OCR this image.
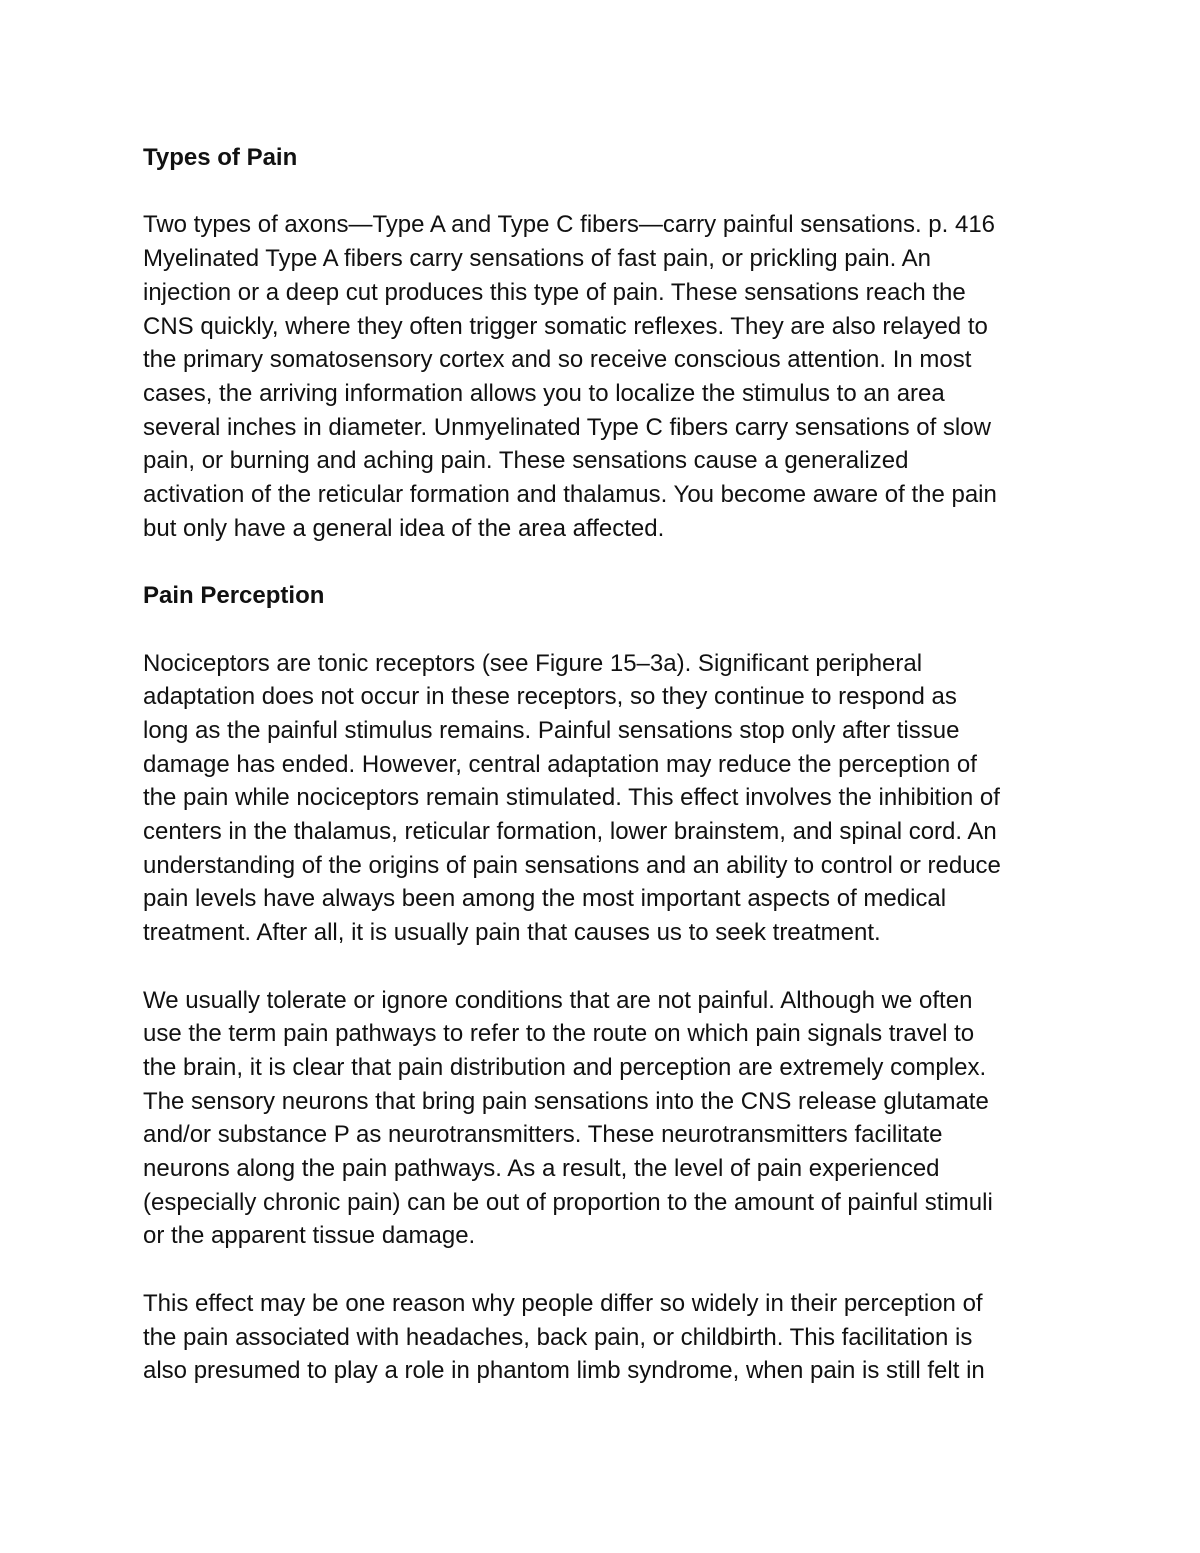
Types of Pain
Two types of axons—Type A and Type C fibers—carry painful sensations. p. 416
Myelinated Type A fibers carry sensations of fast pain, or prickling pain. An
injection or a deep cut produces this type of pain. These sensations reach the
CNS quickly, where they often trigger somatic reflexes. They are also relayed to
the primary somatosensory cortex and so receive conscious attention. In most
cases, the arriving information allows you to localize the stimulus to an area
several inches in diameter. Unmyelinated Type C fibers carry sensations of slow
pain, or burning and aching pain. These sensations cause a generalized
activation of the reticular formation and thalamus. You become aware of the pain
but only have a general idea of the area affected.
Pain Perception
Nociceptors are tonic receptors (see Figure 15–3a). Significant peripheral
adaptation does not occur in these receptors, so they continue to respond as
long as the painful stimulus remains. Painful sensations stop only after tissue
damage has ended. However, central adaptation may reduce the perception of
the pain while nociceptors remain stimulated. This effect involves the inhibition of
centers in the thalamus, reticular formation, lower brainstem, and spinal cord. An
understanding of the origins of pain sensations and an ability to control or reduce
pain levels have always been among the most important aspects of medical
treatment. After all, it is usually pain that causes us to seek treatment.
We usually tolerate or ignore conditions that are not painful. Although we often
use the term pain pathways to refer to the route on which pain signals travel to
the brain, it is clear that pain distribution and perception are extremely complex.
The sensory neurons that bring pain sensations into the CNS release glutamate
and/or substance P as neurotransmitters. These neurotransmitters facilitate
neurons along the pain pathways. As a result, the level of pain experienced
(especially chronic pain) can be out of proportion to the amount of painful stimuli
or the apparent tissue damage.
This effect may be one reason why people differ so widely in their perception of
the pain associated with headaches, back pain, or childbirth. This facilitation is
also presumed to play a role in phantom limb syndrome, when pain is still felt in
